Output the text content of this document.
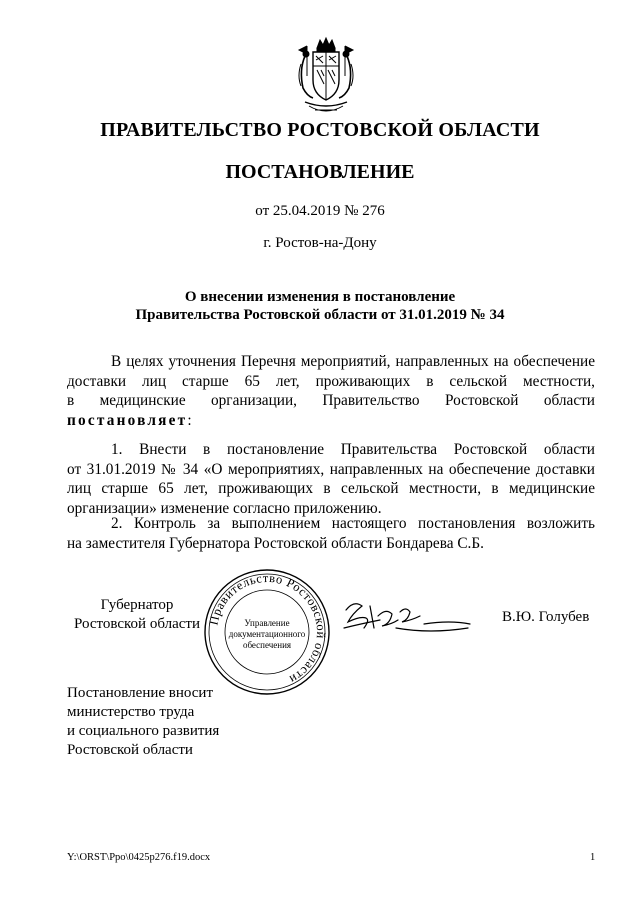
ПРАВИТЕЛЬСТВО РОСТОВСКОЙ ОБЛАСТИ
ПОСТАНОВЛЕНИЕ
от 25.04.2019 № 276
г. Ростов-на-Дону
О внесении изменения в постановление
Правительства Ростовской области от 31.01.2019 № 34
В целях уточнения Перечня мероприятий, направленных на обеспечение
доставки лиц старше 65 лет, проживающих в сельской местности,
в медицинские организации, Правительство Ростовской области
постановляет:
1. Внести в постановление Правительства Ростовской области
от 31.01.2019 № 34 «О мероприятиях, направленных на обеспечение доставки
лиц старше 65 лет, проживающих в сельской местности, в медицинские
организации» изменение согласно приложению.
2. Контроль за выполнением настоящего постановления возложить
на заместителя Губернатора Ростовской области Бондарева С.Б.
Губернатор
Ростовской области Правительство Ростовской области
Управление
документационного
обеспечения
В.Ю. Голубев
Постановление вносит
министерство труда
и социального развития
Ростовской области
Y:\ORST\Ppo\0425p276.f19.docx	1
